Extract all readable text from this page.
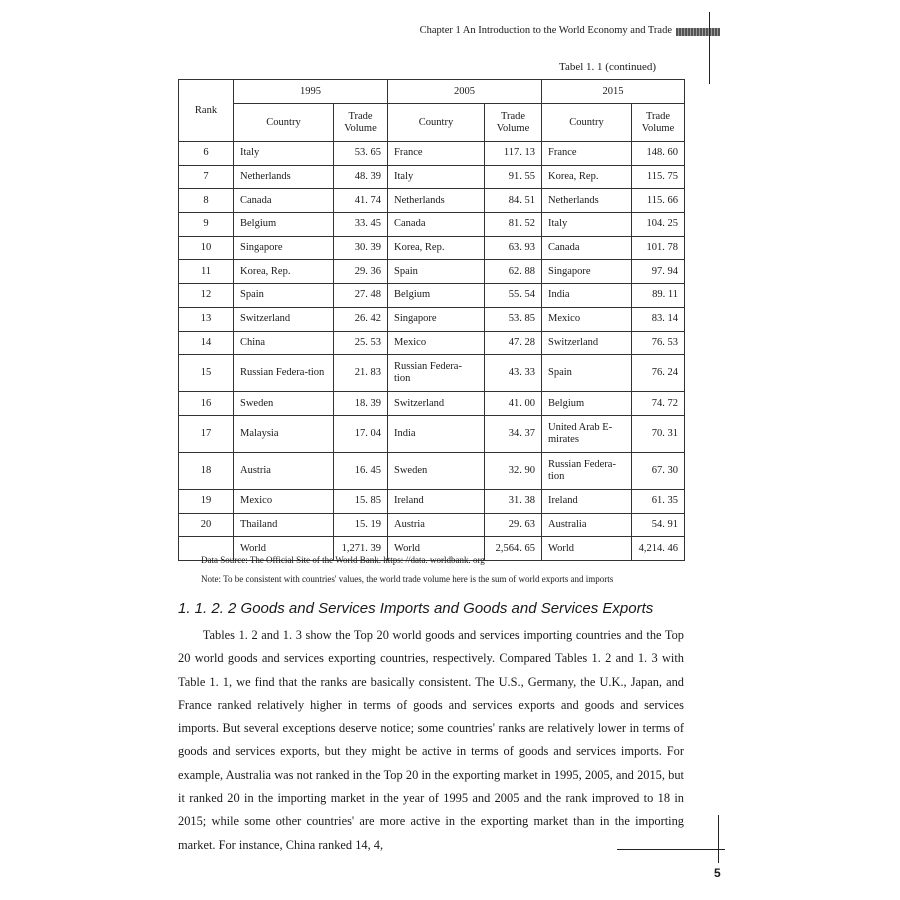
Chapter 1 An Introduction to the World Economy and Trade
Tabel 1. 1 (continued)
Rank	1995		2005		2015	
	Country	Trade Volume	Country	Trade Volume	Country	Trade Volume
6	Italy	53. 65	France	117. 13	France	148. 60
7	Netherlands	48. 39	Italy	91. 55	Korea, Rep.	115. 75
8	Canada	41. 74	Netherlands	84. 51	Netherlands	115. 66
9	Belgium	33. 45	Canada	81. 52	Italy	104. 25
10	Singapore	30. 39	Korea, Rep.	63. 93	Canada	101. 78
11	Korea, Rep.	29. 36	Spain	62. 88	Singapore	97. 94
12	Spain	27. 48	Belgium	55. 54	India	89. 11
13	Switzerland	26. 42	Singapore	53. 85	Mexico	83. 14
14	China	25. 53	Mexico	47. 28	Switzerland	76. 53
15	Russian Federa-tion	21. 83	Russian Federa-tion	43. 33	Spain	76. 24
16	Sweden	18. 39	Switzerland	41. 00	Belgium	74. 72
17	Malaysia	17. 04	India	34. 37	United Arab E-mirates	70. 31
18	Austria	16. 45	Sweden	32. 90	Russian Federa-tion	67. 30
19	Mexico	15. 85	Ireland	31. 38	Ireland	61. 35
20	Thailand	15. 19	Austria	29. 63	Australia	54. 91
	World	1,271. 39	World	2,564. 65	World	4,214. 46
Data Source: The Official Site of the World Bank. https: //data. worldbank. org
Note: To be consistent with countries' values, the world trade volume here is the sum of world exports and imports
1. 1. 2. 2 Goods and Services Imports and Goods and Services Exports

Tables 1. 2 and 1. 3 show the Top 20 world goods and services importing countries and the Top 20 world goods and services exporting countries, respectively. Compared Tables 1. 2 and 1. 3 with Table 1. 1, we find that the ranks are basically consistent. The U.S., Germany, the U.K., Japan, and France ranked relatively higher in terms of goods and services exports and goods and services imports. But several exceptions deserve notice; some countries' ranks are relatively lower in terms of goods and services exports, but they might be active in terms of goods and services imports. For example, Australia was not ranked in the Top 20 in the exporting market in 1995, 2005, and 2015, but it ranked 20 in the importing market in the year of 1995 and 2005 and the rank improved to 18 in 2015; while some other countries' are more active in the exporting market than in the importing market. For instance, China ranked 14, 4,

5
